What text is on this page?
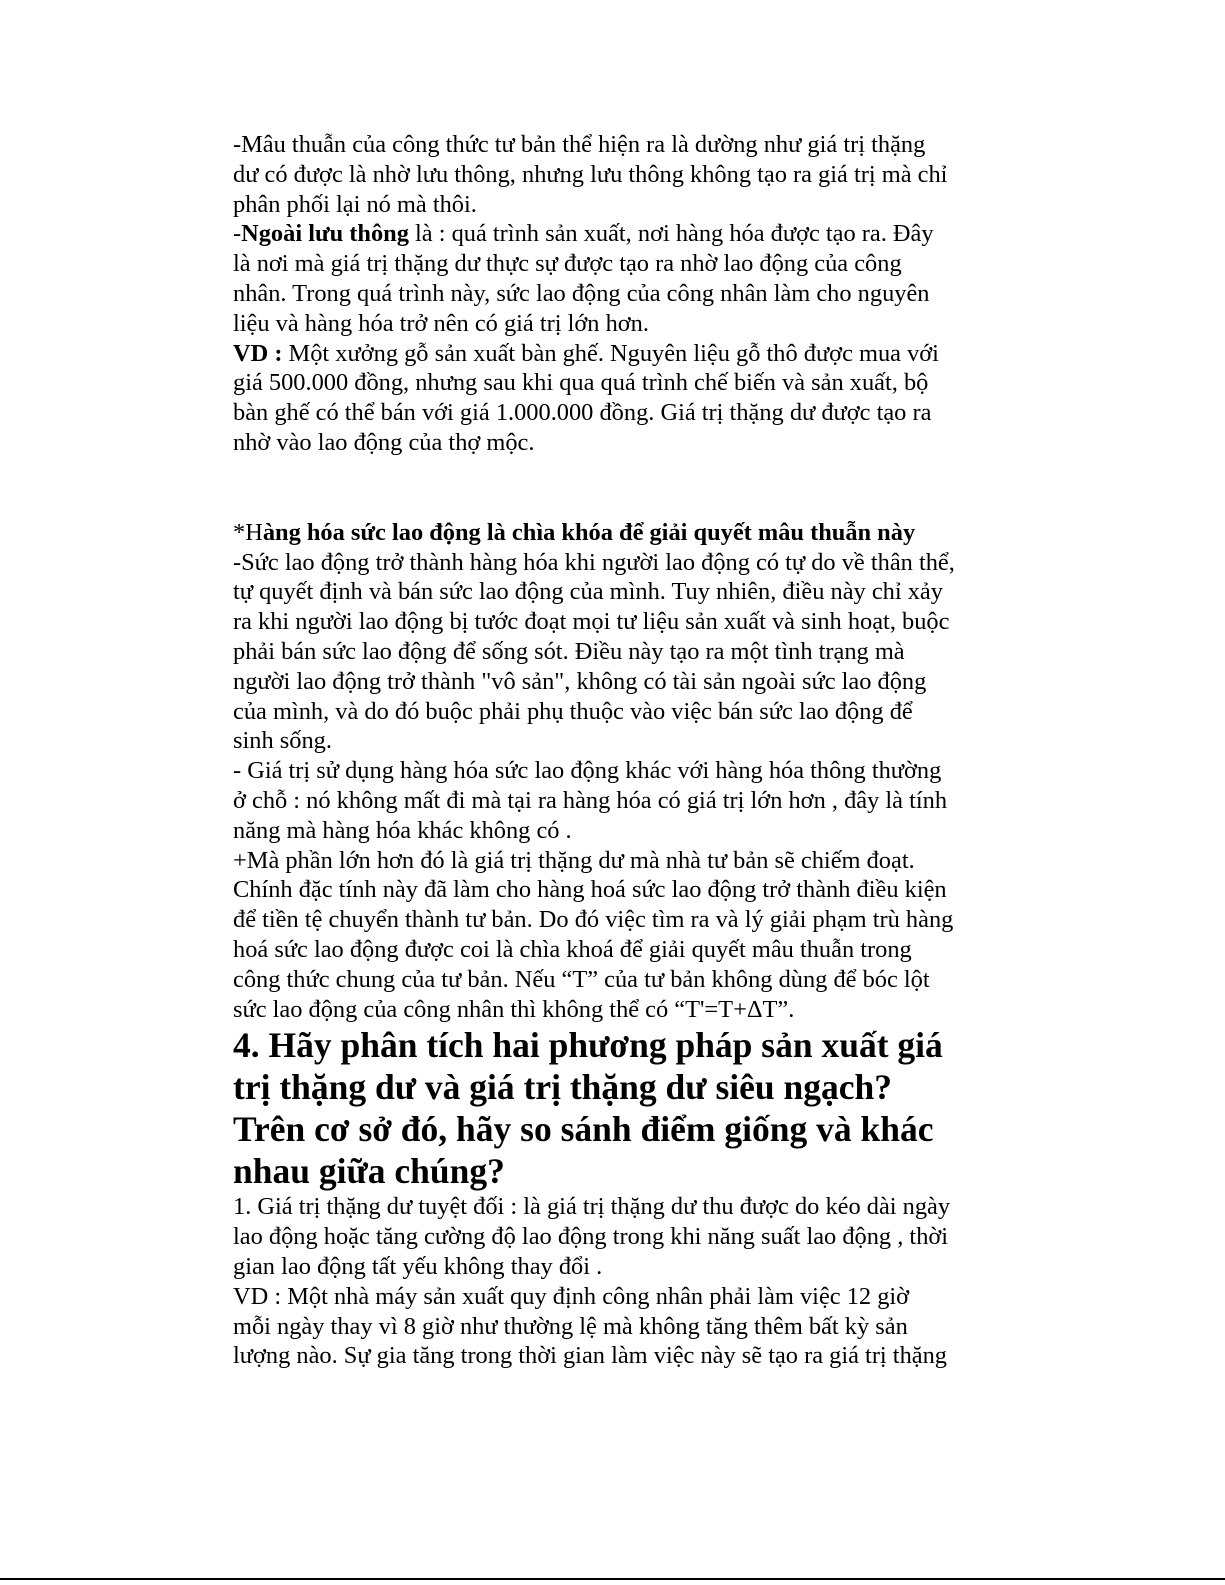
-Mâu thuẫn của công thức tư bản thể hiện ra là dường như giá trị thặng
dư có được là nhờ lưu thông, nhưng lưu thông không tạo ra giá trị mà chỉ
phân phối lại nó mà thôi.

-Ngoài lưu thông là : quá trình sản xuất, nơi hàng hóa được tạo ra. Đây
là nơi mà giá trị thặng dư thực sự được tạo ra nhờ lao động của công
nhân. Trong quá trình này, sức lao động của công nhân làm cho nguyên
liệu và hàng hóa trở nên có giá trị lớn hơn.

VD : Một xưởng gỗ sản xuất bàn ghế. Nguyên liệu gỗ thô được mua với
giá 500.000 đồng, nhưng sau khi qua quá trình chế biến và sản xuất, bộ
bàn ghế có thể bán với giá 1.000.000 đồng. Giá trị thặng dư được tạo ra
nhờ vào lao động của thợ mộc.

*Hàng hóa sức lao động là chìa khóa để giải quyết mâu thuẫn này

-Sức lao động trở thành hàng hóa khi người lao động có tự do về thân thể,
tự quyết định và bán sức lao động của mình. Tuy nhiên, điều này chỉ xảy
ra khi người lao động bị tước đoạt mọi tư liệu sản xuất và sinh hoạt, buộc
phải bán sức lao động để sống sót. Điều này tạo ra một tình trạng mà
người lao động trở thành "vô sản", không có tài sản ngoài sức lao động
của mình, và do đó buộc phải phụ thuộc vào việc bán sức lao động để
sinh sống.

- Giá trị sử dụng hàng hóa sức lao động khác với hàng hóa thông thường
ở chỗ : nó không mất đi mà tại ra hàng hóa có giá trị lớn hơn , đây là tính
năng mà hàng hóa khác không có .

+Mà phần lớn hơn đó là giá trị thặng dư mà nhà tư bản sẽ chiếm đoạt.
Chính đặc tính này đã làm cho hàng hoá sức lao động trở thành điều kiện
để tiền tệ chuyển thành tư bản. Do đó việc tìm ra và lý giải phạm trù hàng
hoá sức lao động được coi là chìa khoá để giải quyết mâu thuẫn trong
công thức chung của tư bản. Nếu “T” của tư bản không dùng để bóc lột
sức lao động của công nhân thì không thể có “T'=T+ΔT”.

4. Hãy phân tích hai phương pháp sản xuất giá
trị thặng dư và giá trị thặng dư siêu ngạch?
Trên cơ sở đó, hãy so sánh điểm giống và khác
nhau giữa chúng?

1. Giá trị thặng dư tuyệt đối : là giá trị thặng dư thu được do kéo dài ngày
lao động hoặc tăng cường độ lao động trong khi năng suất lao động , thời
gian lao động tất yếu không thay đổi .

VD : Một nhà máy sản xuất quy định công nhân phải làm việc 12 giờ
mỗi ngày thay vì 8 giờ như thường lệ mà không tăng thêm bất kỳ sản
lượng nào. Sự gia tăng trong thời gian làm việc này sẽ tạo ra giá trị thặng
